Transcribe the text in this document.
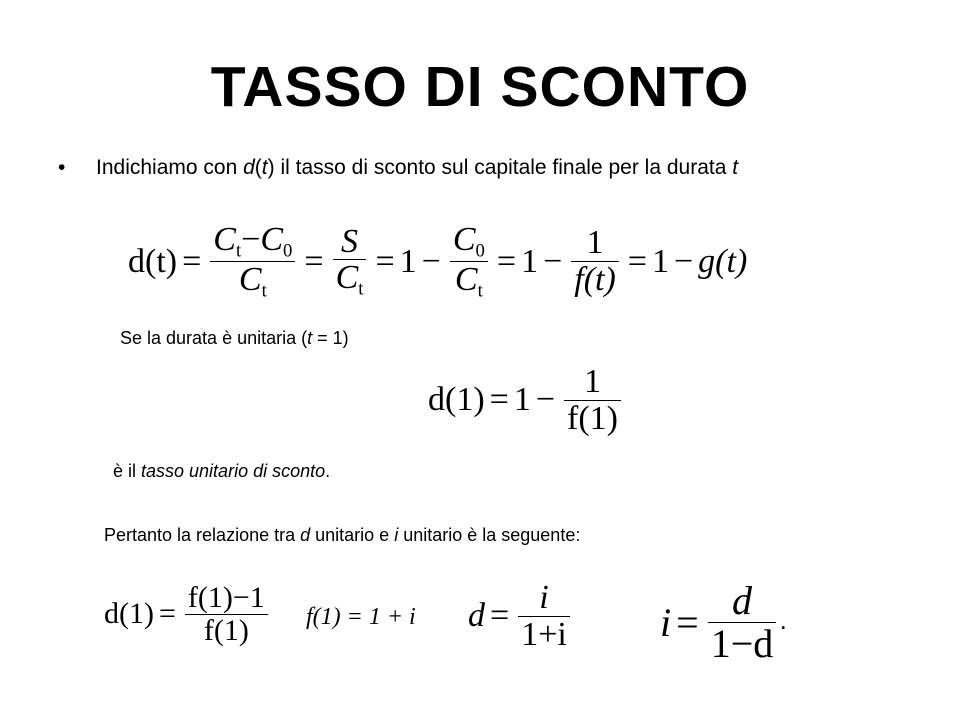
TASSO DI SCONTO
• Indichiamo con d(t) il tasso di sconto sul capitale finale per la durata t
$d(t) = \frac{C_t-C_0}{C_t} = \frac{S}{C_t} = 1 - \frac{C_0}{C_t} = 1 - \frac{1}{f(t)} = 1 - g(t)$
Se la durata è unitaria (t = 1)
$d(1) = 1 - \frac{1}{f(1)}$
è il tasso unitario di sconto.
Pertanto la relazione tra d unitario e i unitario è la seguente:
$d(1) = \frac{f(1)-1}{f(1)} f(1) = 1 + i$ $d = \frac{i}{1+i}$ $i = \frac{d}{1-d}$ .
